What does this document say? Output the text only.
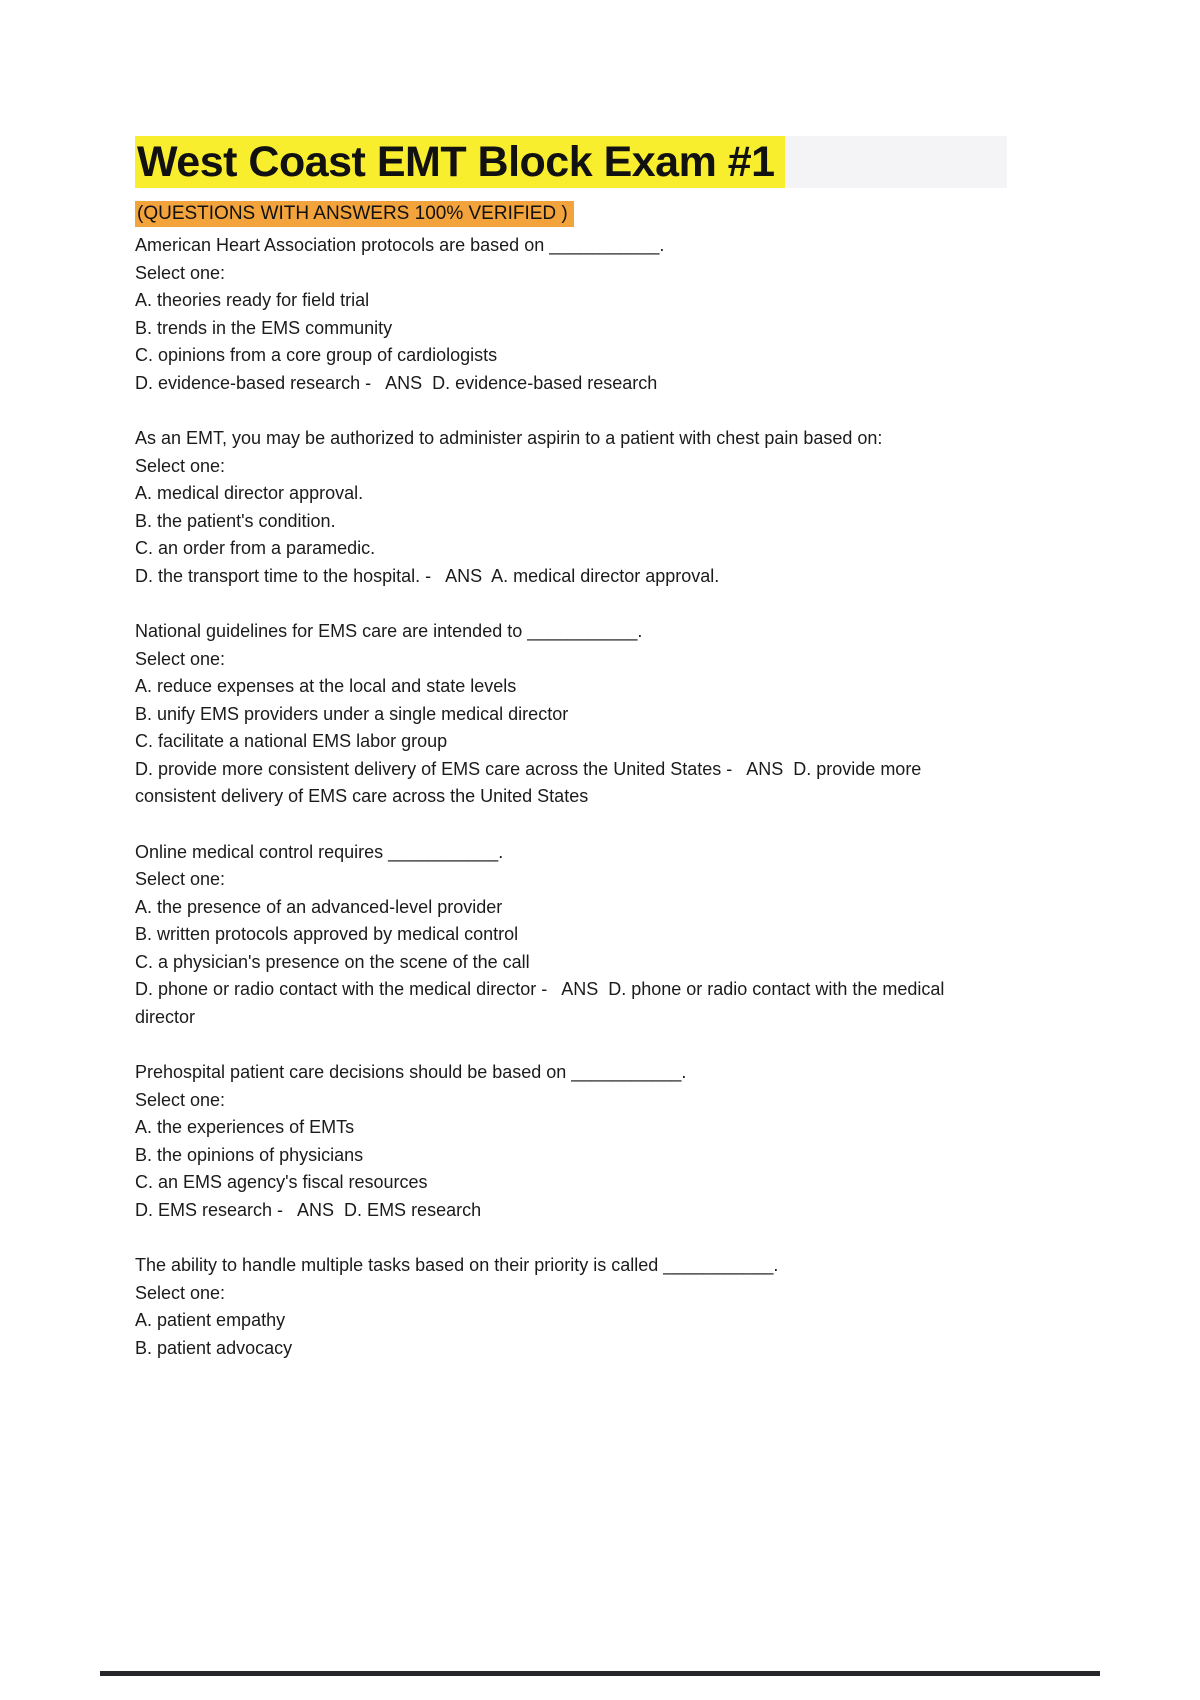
West Coast EMT Block Exam #1
(QUESTIONS WITH ANSWERS 100% VERIFIED )

American Heart Association protocols are based on ___________.

Select one:

A. theories ready for field trial

B. trends in the EMS community

C. opinions from a core group of cardiologists

D. evidence-based research -   ANS  D. evidence-based research

As an EMT, you may be authorized to administer aspirin to a patient with chest pain based on:

Select one:

A. medical director approval.

B. the patient's condition.

C. an order from a paramedic.

D. the transport time to the hospital. -   ANS  A. medical director approval.

National guidelines for EMS care are intended to ___________.

Select one:

A. reduce expenses at the local and state levels

B. unify EMS providers under a single medical director

C. facilitate a national EMS labor group

D. provide more consistent delivery of EMS care across the United States -   ANS  D. provide more consistent delivery of EMS care across the United States

Online medical control requires ___________.

Select one:

A. the presence of an advanced-level provider

B. written protocols approved by medical control

C. a physician's presence on the scene of the call

D. phone or radio contact with the medical director -   ANS  D. phone or radio contact with the medical director

Prehospital patient care decisions should be based on ___________.

Select one:

A. the experiences of EMTs

B. the opinions of physicians

C. an EMS agency's fiscal resources

D. EMS research -   ANS  D. EMS research

The ability to handle multiple tasks based on their priority is called ___________.

Select one:

A. patient empathy

B. patient advocacy
